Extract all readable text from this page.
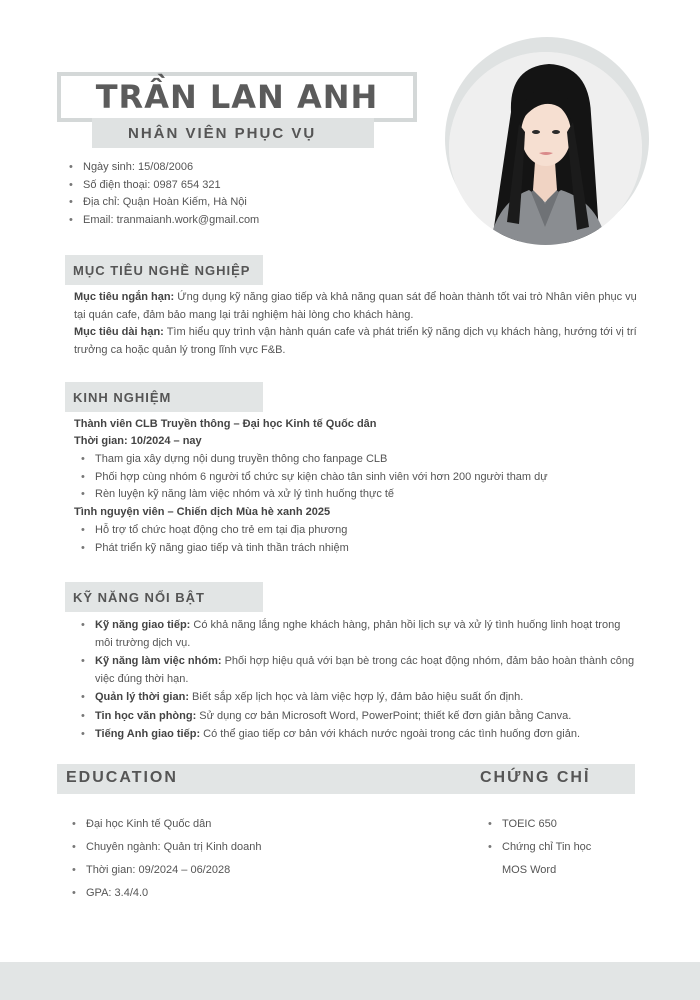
TRẦN LAN ANH
NHÂN VIÊN PHỤC VỤ
• Ngày sinh: 15/08/2006
• Số điện thoại: 0987 654 321
• Địa chỉ: Quận Hoàn Kiếm, Hà Nội
• Email: tranmaianh.work@gmail.com
MỤC TIÊU NGHỀ NGHIỆP

Mục tiêu ngắn hạn: Ứng dụng kỹ năng giao tiếp và khả năng quan sát để hoàn thành tốt vai trò Nhân viên phục vụ tại quán cafe, đảm bảo mang lại trải nghiệm hài lòng cho khách hàng.

Mục tiêu dài hạn: Tìm hiểu quy trình vận hành quán cafe và phát triển kỹ năng dịch vụ khách hàng, hướng tới vị trí trưởng ca hoặc quản lý trong lĩnh vực F&B.

KINH NGHIỆM
Thành viên CLB Truyền thông – Đại học Kinh tế Quốc dân
Thời gian: 10/2024 – nay
• Tham gia xây dựng nội dung truyền thông cho fanpage CLB
• Phối hợp cùng nhóm 6 người tổ chức sự kiện chào tân sinh viên với hơn 200 người tham dự
• Rèn luyện kỹ năng làm việc nhóm và xử lý tình huống thực tế
Tình nguyện viên – Chiến dịch Mùa hè xanh 2025
• Hỗ trợ tổ chức hoạt động cho trẻ em tại địa phương
• Phát triển kỹ năng giao tiếp và tinh thần trách nhiệm
KỸ NĂNG NỔI BẬT
• Kỹ năng giao tiếp: Có khả năng lắng nghe khách hàng, phản hồi lịch sự và xử lý tình huống linh hoạt trong môi trường dịch vụ.
• Kỹ năng làm việc nhóm: Phối hợp hiệu quả với bạn bè trong các hoạt động nhóm, đảm bảo hoàn thành công việc đúng thời hạn.
• Quản lý thời gian: Biết sắp xếp lịch học và làm việc hợp lý, đảm bảo hiệu suất ổn định.
• Tin học văn phòng: Sử dụng cơ bản Microsoft Word, PowerPoint; thiết kế đơn giản bằng Canva.
• Tiếng Anh giao tiếp: Có thể giao tiếp cơ bản với khách nước ngoài trong các tình huống đơn giản.
EDUCATION	CHỨNG CHỈ
• Đại học Kinh tế Quốc dân
• Chuyên ngành: Quản trị Kinh doanh
• Thời gian: 09/2024 – 06/2028
• GPA: 3.4/4.0
• TOEIC 650
• Chứng chỉ Tin học MOS Word
